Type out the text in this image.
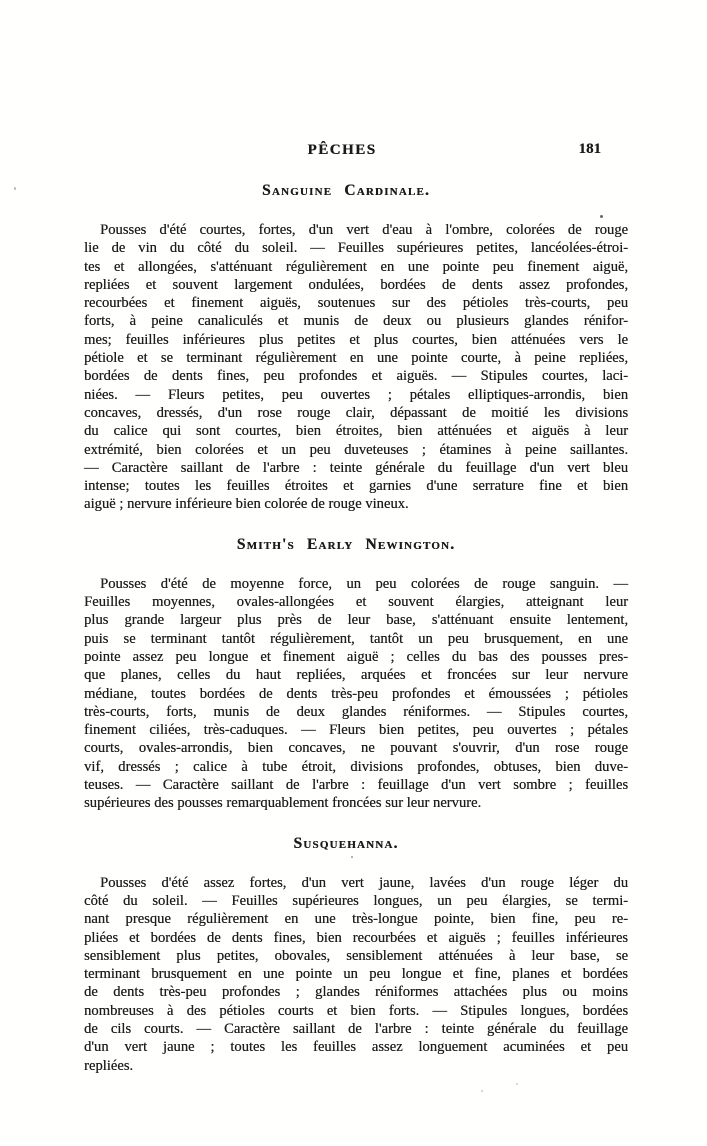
PÊCHES	181
Sanguine Cardinale.

Pousses d'été courtes, fortes, d'un vert d'eau à l'ombre, colorées de rouge
lie de vin du côté du soleil. — Feuilles supérieures petites, lancéolées-étroi-
tes et allongées, s'atténuant régulièrement en une pointe peu finement aiguë,
repliées et souvent largement ondulées, bordées de dents assez profondes,
recourbées et finement aiguës, soutenues sur des pétioles très-courts, peu
forts, à peine canaliculés et munis de deux ou plusieurs glandes rénifor-
mes; feuilles inférieures plus petites et plus courtes, bien atténuées vers le
pétiole et se terminant régulièrement en une pointe courte, à peine repliées,
bordées de dents fines, peu profondes et aiguës. — Stipules courtes, laci-
niées. — Fleurs petites, peu ouvertes ; pétales elliptiques-arrondis, bien
concaves, dressés, d'un rose rouge clair, dépassant de moitié les divisions
du calice qui sont courtes, bien étroites, bien atténuées et aiguës à leur
extrémité, bien colorées et un peu duveteuses ; étamines à peine saillantes.
— Caractère saillant de l'arbre : teinte générale du feuillage d'un vert bleu
intense; toutes les feuilles étroites et garnies d'une serrature fine et bien
aiguë ; nervure inférieure bien colorée de rouge vineux.

Smith's Early Newington.

Pousses d'été de moyenne force, un peu colorées de rouge sanguin. —
Feuilles moyennes, ovales-allongées et souvent élargies, atteignant leur
plus grande largeur plus près de leur base, s'atténuant ensuite lentement,
puis se terminant tantôt régulièrement, tantôt un peu brusquement, en une
pointe assez peu longue et finement aiguë ; celles du bas des pousses pres-
que planes, celles du haut repliées, arquées et froncées sur leur nervure
médiane, toutes bordées de dents très-peu profondes et émoussées ; pétioles
très-courts, forts, munis de deux glandes réniformes. — Stipules courtes,
finement ciliées, très-caduques. — Fleurs bien petites, peu ouvertes ; pétales
courts, ovales-arrondis, bien concaves, ne pouvant s'ouvrir, d'un rose rouge
vif, dressés ; calice à tube étroit, divisions profondes, obtuses, bien duve-
teuses. — Caractère saillant de l'arbre : feuillage d'un vert sombre ; feuilles
supérieures des pousses remarquablement froncées sur leur nervure.

Susquehanna.

Pousses d'été assez fortes, d'un vert jaune, lavées d'un rouge léger du
côté du soleil. — Feuilles supérieures longues, un peu élargies, se termi-
nant presque régulièrement en une très-longue pointe, bien fine, peu re-
pliées et bordées de dents fines, bien recourbées et aiguës ; feuilles inférieures
sensiblement plus petites, obovales, sensiblement atténuées à leur base, se
terminant brusquement en une pointe un peu longue et fine, planes et bordées
de dents très-peu profondes ; glandes réniformes attachées plus ou moins
nombreuses à des pétioles courts et bien forts. — Stipules longues, bordées
de cils courts. — Caractère saillant de l'arbre : teinte générale du feuillage
d'un vert jaune ; toutes les feuilles assez longuement acuminées et peu
repliées.
